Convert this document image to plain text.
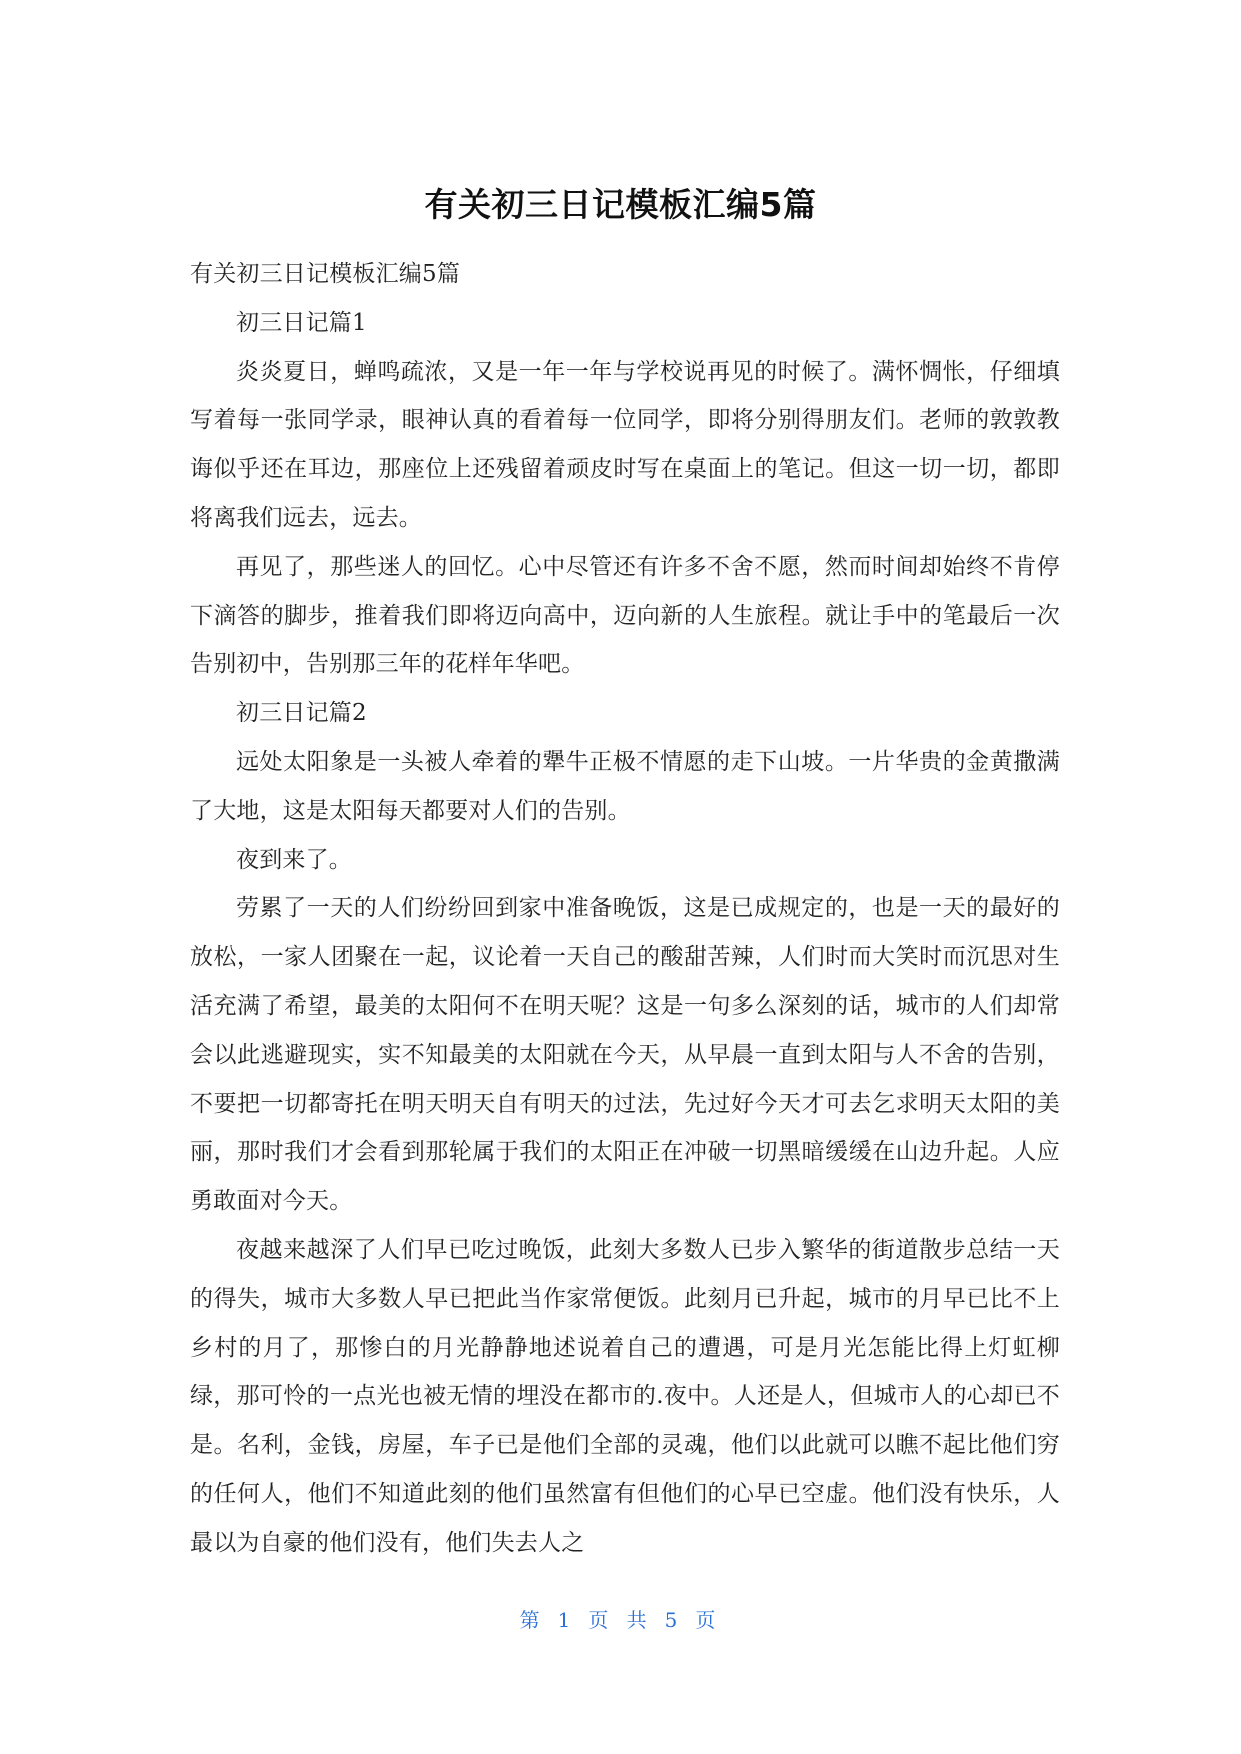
有关初三日记模板汇编5篇

有关初三日记模板汇编5篇

初三日记篇1

炎炎夏日，蝉鸣疏浓，又是一年一年与学校说再见的时候了。满怀惆怅，仔细填写着每一张同学录，眼神认真的看着每一位同学，即将分别得朋友们。老师的敦敦教诲似乎还在耳边，那座位上还残留着顽皮时写在桌面上的笔记。但这一切一切，都即将离我们远去，远去。

再见了，那些迷人的回忆。心中尽管还有许多不舍不愿，然而时间却始终不肯停下滴答的脚步，推着我们即将迈向高中，迈向新的人生旅程。就让手中的笔最后一次告别初中，告别那三年的花样年华吧。

初三日记篇2

远处太阳象是一头被人牵着的犟牛正极不情愿的走下山坡。一片华贵的金黄撒满了大地，这是太阳每天都要对人们的告别。

夜到来了。

劳累了一天的人们纷纷回到家中准备晚饭，这是已成规定的，也是一天的最好的放松，一家人团聚在一起，议论着一天自己的酸甜苦辣，人们时而大笑时而沉思对生活充满了希望，最美的太阳何不在明天呢？这是一句多么深刻的话，城市的人们却常会以此逃避现实，实不知最美的太阳就在今天，从早晨一直到太阳与人不舍的告别，不要把一切都寄托在明天明天自有明天的过法，先过好今天才可去乞求明天太阳的美丽，那时我们才会看到那轮属于我们的太阳正在冲破一切黑暗缓缓在山边升起。人应勇敢面对今天。

夜越来越深了人们早已吃过晚饭，此刻大多数人已步入繁华的街道散步总结一天的得失，城市大多数人早已把此当作家常便饭。此刻月已升起，城市的月早已比不上乡村的月了，那惨白的月光静静地述说着自己的遭遇，可是月光怎能比得上灯虹柳绿，那可怜的一点光也被无情的埋没在都市的.夜中。人还是人，但城市人的心却已不是。名利，金钱，房屋，车子已是他们全部的灵魂，他们以此就可以瞧不起比他们穷的任何人，他们不知道此刻的他们虽然富有但他们的心早已空虚。他们没有快乐，人最以为自豪的他们没有，他们失去人之

第 1 页 共 5 页
